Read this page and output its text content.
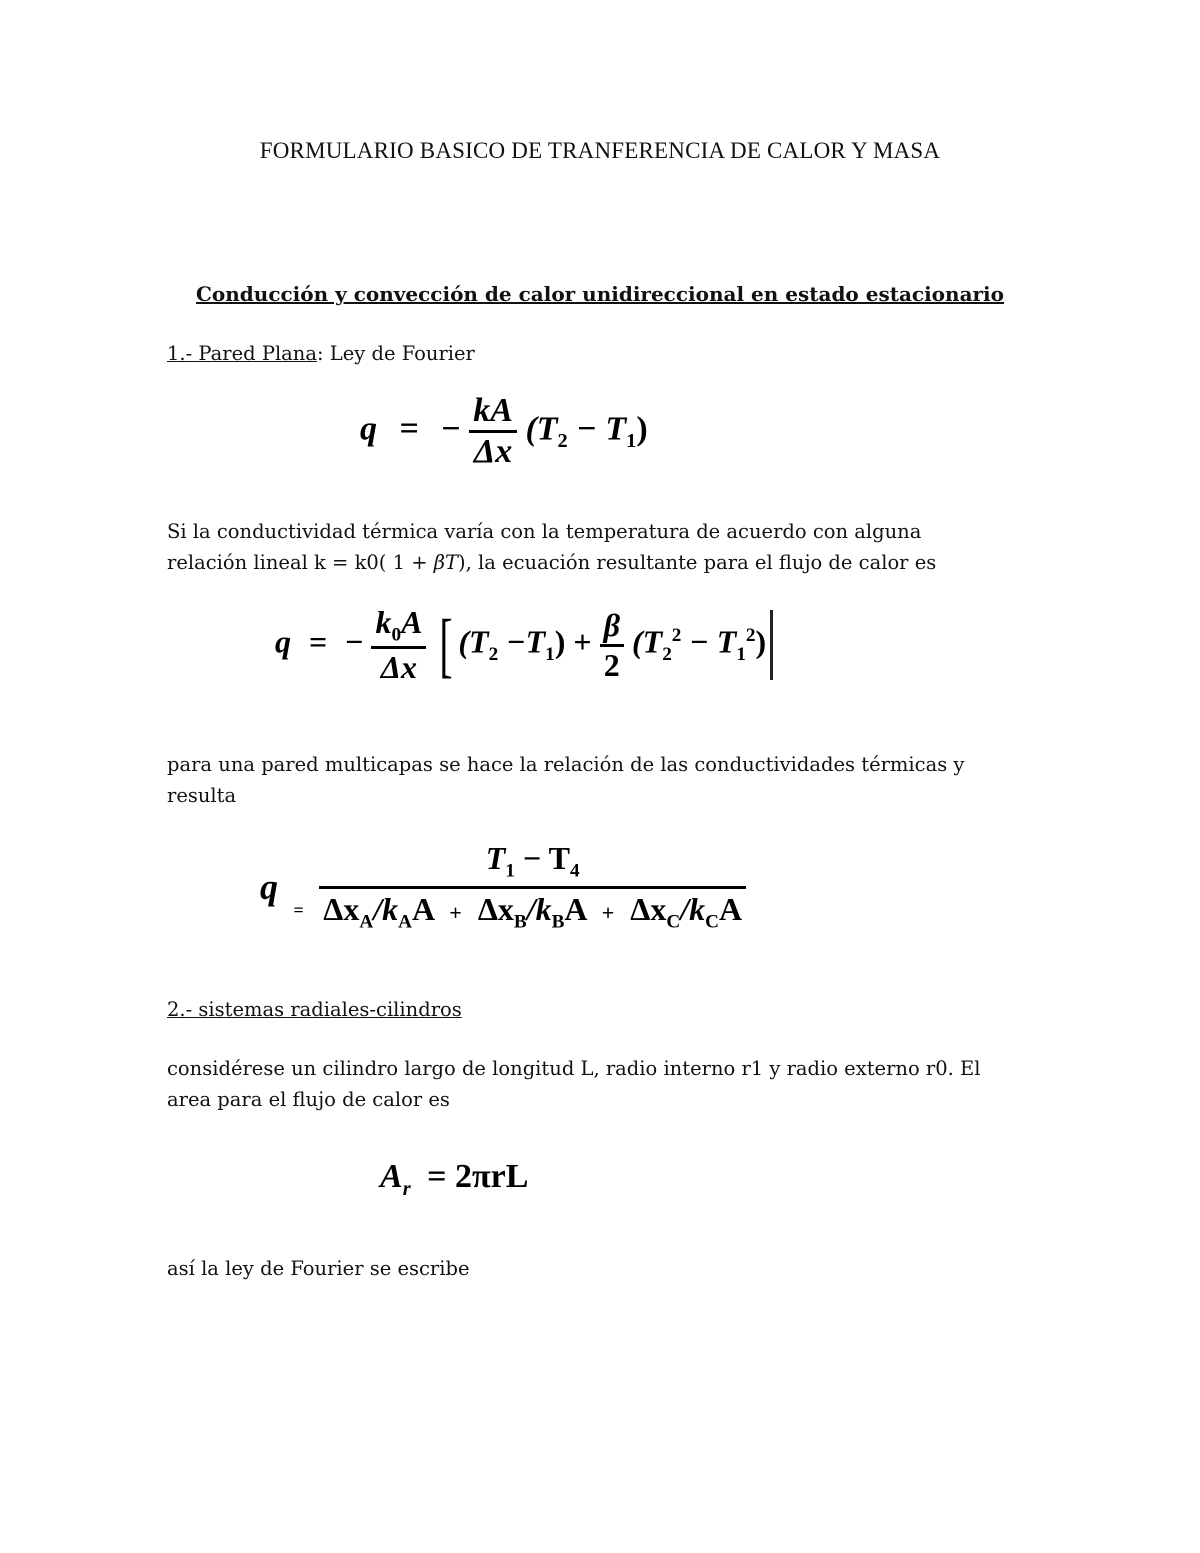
FORMULARIO BASICO DE TRANFERENCIA DE CALOR Y MASA
Conducción y convección de calor unidireccional en estado estacionario
1.- Pared Plana: Ley de Fourier
q = − $\frac{kA}{\Delta x} (T_2 - T_1)$
Si la conductividad térmica varía con la temperatura de acuerdo con alguna
relación lineal k = k0( 1 + βT), la ecuación resultante para el flujo de calor es
q = − $\frac{k_0A}{\Delta x}$ [ $(T_2 -T_1) + \frac{\beta}{2} (T_2^2 - T_1^2)$
para una pared multicapas se hace la relación de las conductividades térmicas y
resulta
q $_= \frac{T_1 - T_4}{\Delta x_A/k_AA + \Delta x_B/k_BA + \Delta x_C/k_CA}$
2.- sistemas radiales-cilindros
considérese un cilindro largo de longitud L, radio interno r1 y radio externo r0. El
area para el flujo de calor es
$A_r = 2\pi rL$
así la ley de Fourier se escribe
